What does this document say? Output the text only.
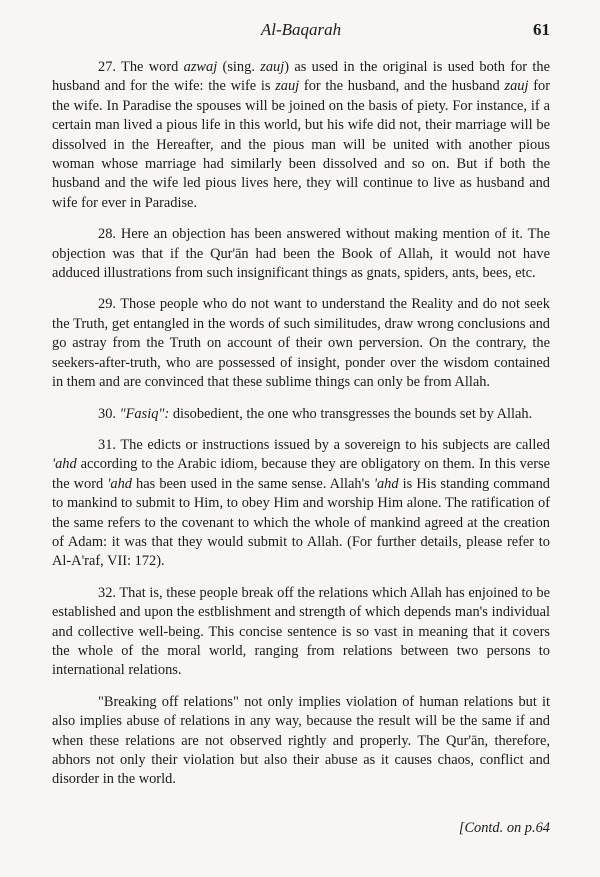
Al-Baqarah	61

27. The word azwaj (sing. zauj) as used in the original is used both for the husband and for the wife: the wife is zauj for the husband, and the husband zauj for the wife. In Paradise the spouses will be joined on the basis of piety. For instance, if a certain man lived a pious life in this world, but his wife did not, their marriage will be dissolved in the Hereafter, and the pious man will be united with another pious woman whose marriage had similarly been dissolved and so on. But if both the husband and the wife led pious lives here, they will continue to live as husband and wife for ever in Paradise.

28. Here an objection has been answered without making mention of it. The objection was that if the Qur'ān had been the Book of Allah, it would not have adduced illustrations from such insignificant things as gnats, spiders, ants, bees, etc.

29. Those people who do not want to understand the Reality and do not seek the Truth, get entangled in the words of such similitudes, draw wrong conclusions and go astray from the Truth on account of their own perversion. On the contrary, the seekers-after-truth, who are possessed of insight, ponder over the wisdom contained in them and are convinced that these sublime things can only be from Allah.

30. "Fasiq": disobedient, the one who transgresses the bounds set by Allah.

31. The edicts or instructions issued by a sovereign to his subjects are called 'ahd according to the Arabic idiom, because they are obligatory on them. In this verse the word 'ahd has been used in the same sense. Allah's 'ahd is His standing command to mankind to submit to Him, to obey Him and worship Him alone. The ratification of the same refers to the covenant to which the whole of mankind agreed at the creation of Adam: it was that they would submit to Allah. (For further details, please refer to Al-A'raf, VII: 172).

32. That is, these people break off the relations which Allah has enjoined to be established and upon the estblishment and strength of which depends man's individual and collective well-being. This concise sentence is so vast in meaning that it covers the whole of the moral world, ranging from relations between two persons to international relations.

"Breaking off relations" not only implies violation of human relations but it also implies abuse of relations in any way, because the result will be the same if and when these relations are not observed rightly and properly. The Qur'ān, therefore, abhors not only their violation but also their abuse as it causes chaos, conflict and disorder in the world.

[Contd. on p.64
